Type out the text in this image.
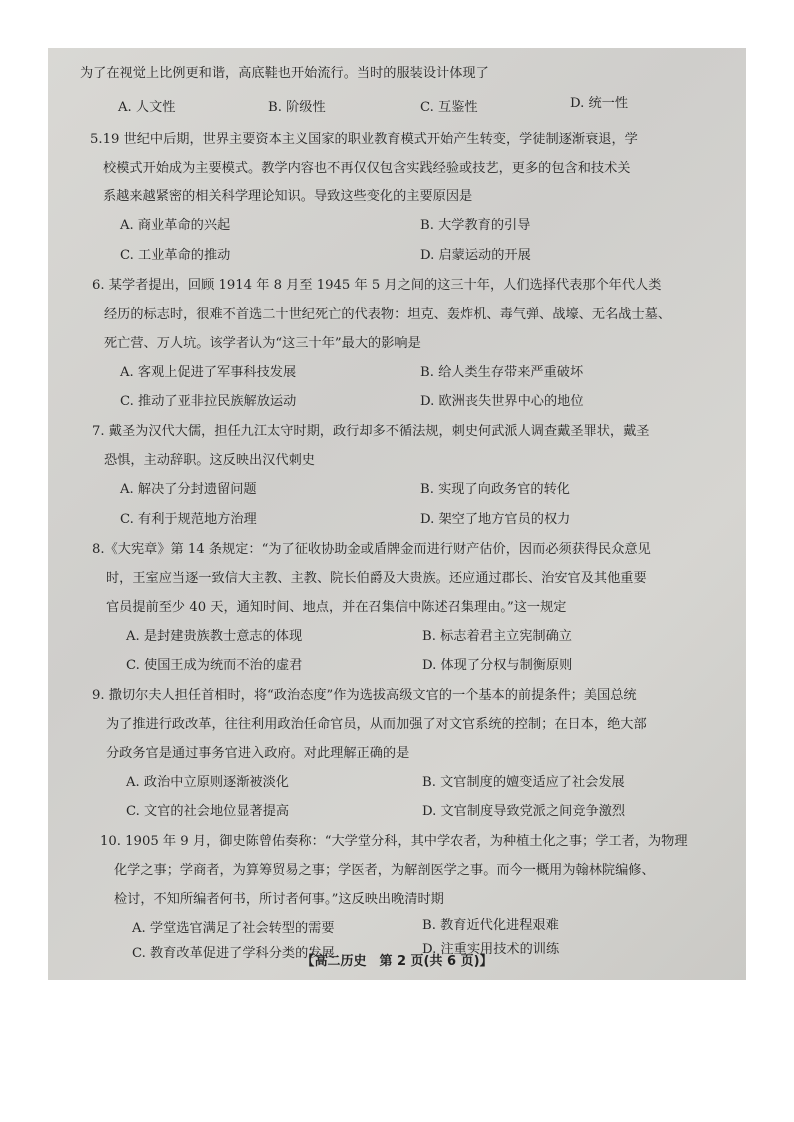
为了在视觉上比例更和谐，高底鞋也开始流行。当时的服装设计体现了
A. 人文性	B. 阶级性	C. 互鉴性	D. 统一性
5.19 世纪中后期，世界主要资本主义国家的职业教育模式开始产生转变，学徒制逐渐衰退，学
校模式开始成为主要模式。教学内容也不再仅仅包含实践经验或技艺，更多的包含和技术关
系越来越紧密的相关科学理论知识。导致这些变化的主要原因是
A. 商业革命的兴起	B. 大学教育的引导
C. 工业革命的推动	D. 启蒙运动的开展
6. 某学者提出，回顾 1914 年 8 月至 1945 年 5 月之间的这三十年，人们选择代表那个年代人类
经历的标志时，很难不首选二十世纪死亡的代表物：坦克、轰炸机、毒气弹、战壕、无名战士墓、
死亡营、万人坑。该学者认为“这三十年”最大的影响是
A. 客观上促进了军事科技发展	B. 给人类生存带来严重破坏
C. 推动了亚非拉民族解放运动	D. 欧洲丧失世界中心的地位
7. 戴圣为汉代大儒，担任九江太守时期，政行却多不循法规，刺史何武派人调查戴圣罪状，戴圣
恐惧，主动辞职。这反映出汉代刺史
A. 解决了分封遗留问题	B. 实现了向政务官的转化
C. 有利于规范地方治理	D. 架空了地方官员的权力
8.《大宪章》第 14 条规定：“为了征收协助金或盾牌金而进行财产估价，因而必须获得民众意见
时，王室应当逐一致信大主教、主教、院长伯爵及大贵族。还应通过郡长、治安官及其他重要
官员提前至少 40 天，通知时间、地点，并在召集信中陈述召集理由。”这一规定
A. 是封建贵族教士意志的体现	B. 标志着君主立宪制确立
C. 使国王成为统而不治的虚君	D. 体现了分权与制衡原则
9. 撒切尔夫人担任首相时，将“政治态度”作为选拔高级文官的一个基本的前提条件；美国总统
为了推进行政改革，往往利用政治任命官员，从而加强了对文官系统的控制；在日本，绝大部
分政务官是通过事务官进入政府。对此理解正确的是
A. 政治中立原则逐渐被淡化	B. 文官制度的嬗变适应了社会发展
C. 文官的社会地位显著提高	D. 文官制度导致党派之间竞争激烈
10. 1905 年 9 月，御史陈曾佑奏称：“大学堂分科，其中学农者，为种植土化之事；学工者，为物理
化学之事；学商者，为算筹贸易之事；学医者，为解剖医学之事。而今一概用为翰林院编修、
检讨，不知所编者何书，所讨者何事。”这反映出晚清时期
A. 学堂选官满足了社会转型的需要	B. 教育近代化进程艰难
C. 教育改革促进了学科分类的发展	D. 注重实用技术的训练
【高二历史　第 2 页(共 6 页)】
